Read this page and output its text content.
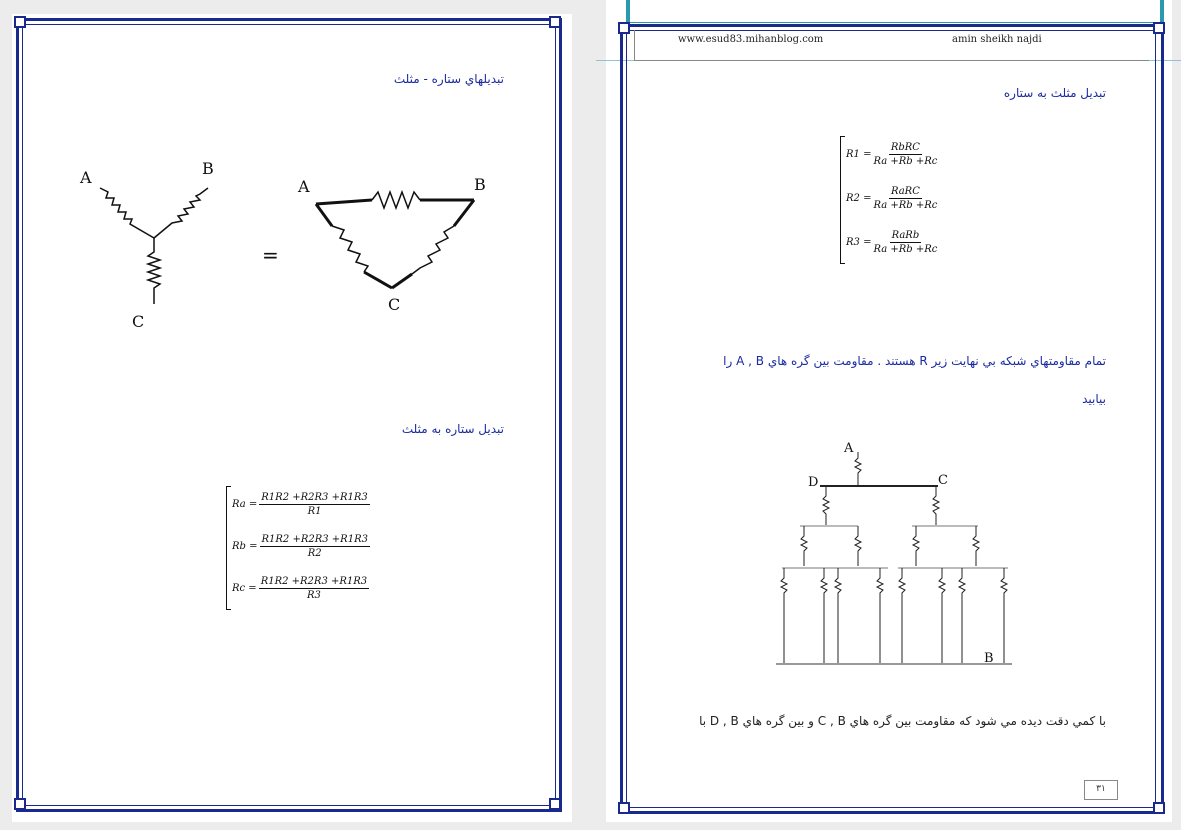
تبديلهاي ستاره - مثلث
A	B
C
=
A	B
C
تبديل ستاره به مثلث
$Ra = \frac{R1R2 +R2R3 +R1R3}{R1}$
$Rb = \frac{R1R2 +R2R3 +R1R3}{R2}$
$Rc = \frac{R1R2 +R2R3 +R1R3}{R3}$
www.esud83.mihanblog.com	amin sheikh najdi
تبديل مثلث به ستاره
$R1 = \frac{\text{RbRC}}{Ra +Rb +Rc}$
$R2 = \frac{\text{RaRC}}{Ra +Rb +Rc}$
$R3 = \frac{\text{RaRb}}{Ra +Rb +Rc}$
تمام مقاومتهاي شبكه بي نهايت زير R هستند . مقاومت بين گره هاي A , B را
بيابيد
A
D	C
B
با كمي دقت ديده مي شود كه مقاومت بين گره هاي C , B و بين گره هاي D , B با
۳۱
